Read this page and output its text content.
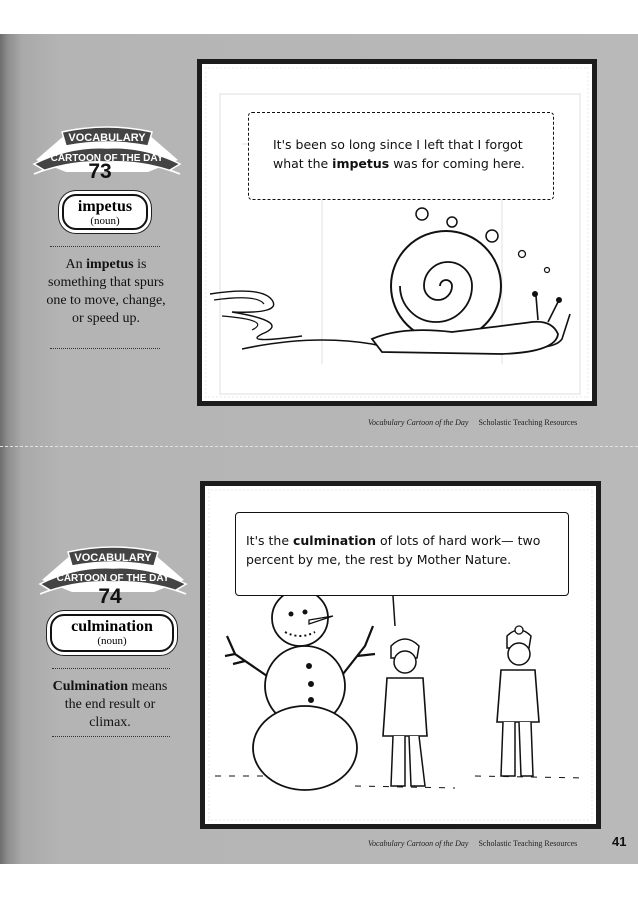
VOCABULARY
CARTOON OF THE DAY
73
impetus
(noun)
An impetus is something that spurs one to move, change, or speed up.
It's been so long since I left that I forgot what the impetus was for coming here.
Vocabulary Cartoon of the Day Scholastic Teaching Resources
VOCABULARY
CARTOON OF THE DAY
74
culmination
(noun)
Culmination means the end result or climax.
It's the culmination of lots of hard work— two percent by me, the rest by Mother Nature.
Vocabulary Cartoon of the Day Scholastic Teaching Resources	41
